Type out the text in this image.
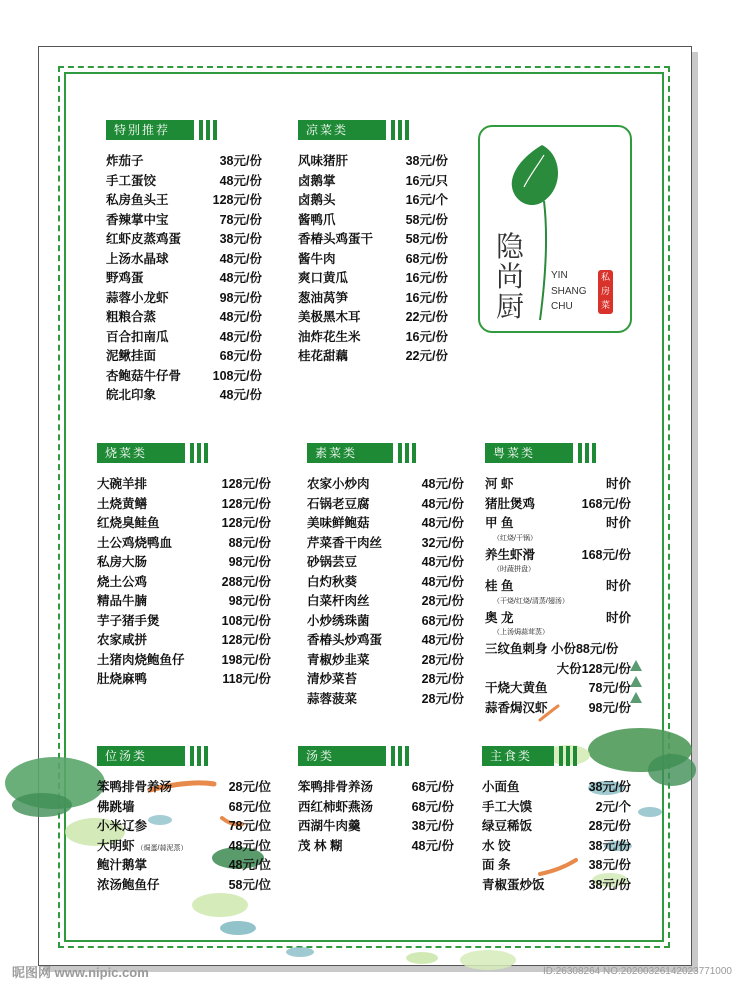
特别推荐
炸茄子	38元/份
手工蛋饺	48元/份
私房鱼头王	128元/份
香辣掌中宝	78元/份
红虾皮蒸鸡蛋	38元/份
上汤水晶球	48元/份
野鸡蛋	48元/份
蒜蓉小龙虾	98元/份
粗粮合蒸	48元/份
百合扣南瓜	48元/份
泥鳅挂面	68元/份
杏鲍菇牛仔骨	108元/份
皖北印象	48元/份
凉菜类
风味猪肝	38元/份
卤鹅掌	16元/只
卤鹅头	16元/个
酱鸭爪	58元/份
香椿头鸡蛋干	58元/份
酱牛肉	68元/份
爽口黄瓜	16元/份
葱油莴笋	16元/份
美极黑木耳	22元/份
油炸花生米	16元/份
桂花甜藕	22元/份
隐尚厨
YIN
SHANG
CHU
私房菜
烧菜类
大碗羊排	128元/份
土烧黄鳝	128元/份
红烧臭鲑鱼	128元/份
土公鸡烧鸭血	88元/份
私房大肠	98元/份
烧土公鸡	288元/份
精品牛腩	98元/份
芋子猪手煲	108元/份
农家咸拼	128元/份
土猪肉烧鲍鱼仔	198元/份
肚烧麻鸭	118元/份
素菜类
农家小炒肉	48元/份
石锅老豆腐	48元/份
美味鲜鲍菇	48元/份
芹菜香干肉丝	32元/份
砂锅芸豆	48元/份
白灼秋葵	48元/份
白菜杆肉丝	28元/份
小炒绣珠菌	68元/份
香椿头炒鸡蛋	48元/份
青椒炒韭菜	28元/份
清炒菜苔	28元/份
蒜蓉菠菜	28元/份
粤菜类
河 虾	时价
猪肚煲鸡	168元/份
甲 鱼	时价
（红烧/干锅）
养生虾滑	168元/份
（时蔬拼盘）
桂 鱼	时价
（干烧/红烧/清蒸/翅汤）
奥 龙	时价
（上汤焗蒜茸蒸）
三纹鱼刺身 小份88元/份
大份128元/份
干烧大黄鱼	78元/份
蒜香焗汉虾	98元/份
位汤类
笨鸭排骨养汤	28元/位
佛跳墙	68元/位
小米辽参	78元/位
大明虾 （焗蛋/蒜泥蒸）	48元/位
鲍汁鹅掌	48元/位
浓汤鲍鱼仔	58元/位
汤类
笨鸭排骨养汤	68元/份
西红柿虾燕汤	68元/份
西湖牛肉羹	38元/份
茂 林 糊	48元/份
主食类
小面鱼	38元/份
手工大馍	2元/个
绿豆稀饭	28元/份
水 饺	38元/份
面 条	38元/份
青椒蛋炒饭	38元/份
昵图网 www.nipic.com	ID:26308264 NO:20200326142023771000
